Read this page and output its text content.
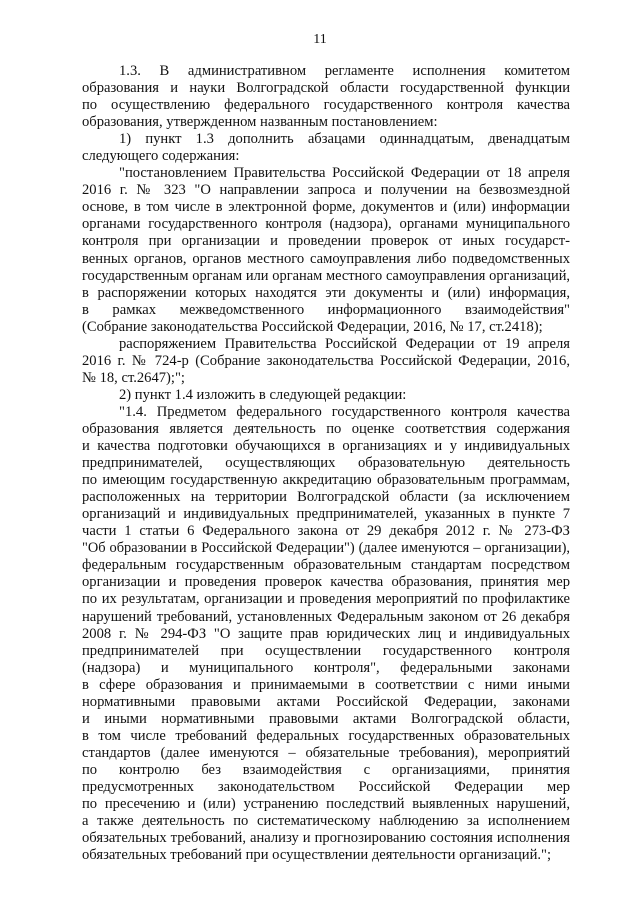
11
1.3. В административном регламенте исполнения комитетом
образования и науки Волгоградской области государственной функции
по осуществлению федерального государственного контроля качества
образования, утвержденном названным постановлением:
1) пункт 1.3 дополнить абзацами одиннадцатым, двенадцатым
следующего содержания:
"постановлением Правительства Российской Федерации от 18 апреля
2016 г. № 323 "О направлении запроса и получении на безвозмездной
основе, в том числе в электронной форме, документов и (или) информации
органами государственного контроля (надзора), органами муниципального
контроля при организации и проведении проверок от иных государст-
венных органов, органов местного самоуправления либо подведомственных
государственным органам или органам местного самоуправления организаций,
в распоряжении которых находятся эти документы и (или) информация,
в рамках межведомственного информационного взаимодействия"
(Собрание законодательства Российской Федерации, 2016, № 17, ст.2418);
распоряжением Правительства Российской Федерации от 19 апреля
2016 г. № 724-р (Собрание законодательства Российской Федерации, 2016,
№ 18, ст.2647);";
2) пункт 1.4 изложить в следующей редакции:
"1.4. Предметом федерального государственного контроля качества
образования является деятельность по оценке соответствия содержания
и качества подготовки обучающихся в организациях и у индивидуальных
предпринимателей, осуществляющих образовательную деятельность
по имеющим государственную аккредитацию образовательным программам,
расположенных на территории Волгоградской области (за исключением
организаций и индивидуальных предпринимателей, указанных в пункте 7
части 1 статьи 6 Федерального закона от 29 декабря 2012 г. № 273-ФЗ
"Об образовании в Российской Федерации") (далее именуются – организации),
федеральным государственным образовательным стандартам посредством
организации и проведения проверок качества образования, принятия мер
по их результатам, организации и проведения мероприятий по профилактике
нарушений требований, установленных Федеральным законом от 26 декабря
2008 г. № 294-ФЗ "О защите прав юридических лиц и индивидуальных
предпринимателей при осуществлении государственного контроля
(надзора) и муниципального контроля", федеральными законами
в сфере образования и принимаемыми в соответствии с ними иными
нормативными правовыми актами Российской Федерации, законами
и иными нормативными правовыми актами Волгоградской области,
в том числе требований федеральных государственных образовательных
стандартов (далее именуются – обязательные требования), мероприятий
по контролю без взаимодействия с организациями, принятия
предусмотренных законодательством Российской Федерации мер
по пресечению и (или) устранению последствий выявленных нарушений,
а также деятельность по систематическому наблюдению за исполнением
обязательных требований, анализу и прогнозированию состояния исполнения
обязательных требований при осуществлении деятельности организаций.";
